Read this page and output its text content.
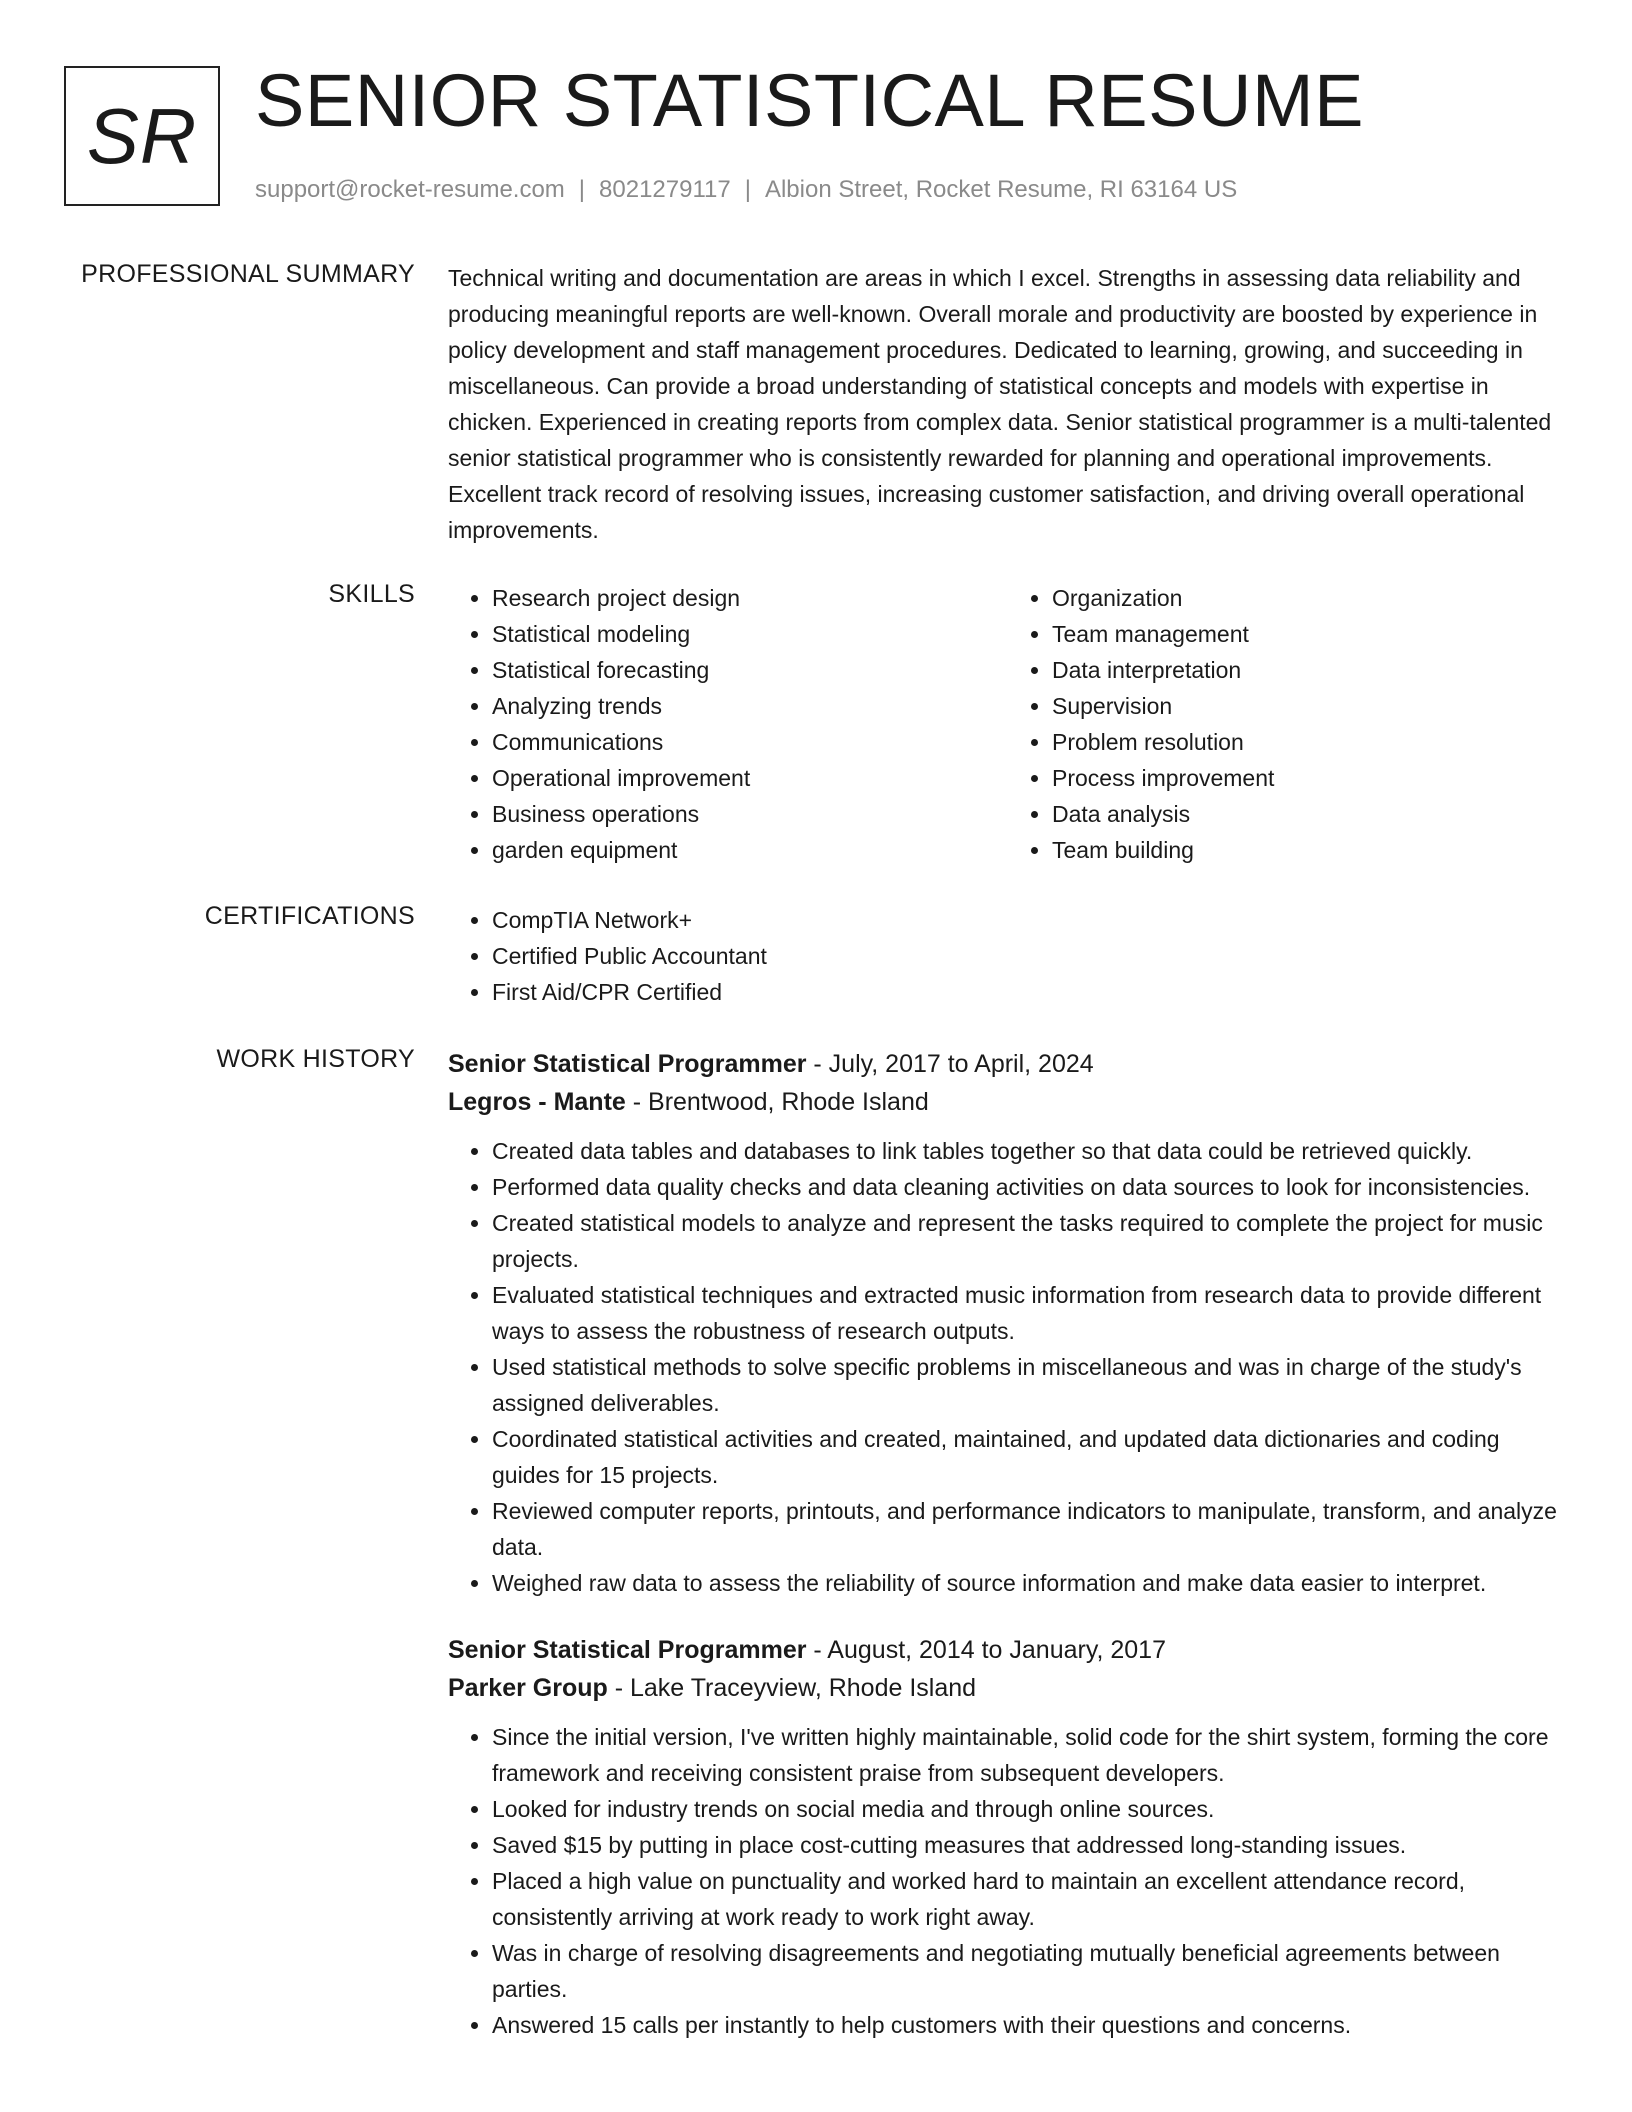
SR SENIOR STATISTICAL RESUME
support@rocket-resume.com | 8021279117 | Albion Street, Rocket Resume, RI 63164 US
PROFESSIONAL SUMMARY Technical writing and documentation are areas in which I excel. Strengths in assessing data reliability and producing meaningful reports are well-known. Overall morale and productivity are boosted by experience in policy development and staff management procedures. Dedicated to learning, growing, and succeeding in miscellaneous. Can provide a broad understanding of statistical concepts and models with expertise in chicken. Experienced in creating reports from complex data. Senior statistical programmer is a multi-talented senior statistical programmer who is consistently rewarded for planning and operational improvements. Excellent track record of resolving issues, increasing customer satisfaction, and driving overall operational improvements.

SKILLS	• Research project design
• Statistical modeling
• Statistical forecasting
• Analyzing trends
• Communications
• Operational improvement
• Business operations
• garden equipment
• Organization
• Team management
• Data interpretation
• Supervision
• Problem resolution
• Process improvement
• Data analysis
• Team building
CERTIFICATIONS	• CompTIA Network+
• Certified Public Accountant
• First Aid/CPR Certified
WORK HISTORY Senior Statistical Programmer - July, 2017 to April, 2024
Legros - Mante - Brentwood, Rhode Island
• Created data tables and databases to link tables together so that data could be retrieved quickly.
• Performed data quality checks and data cleaning activities on data sources to look for inconsistencies.
• Created statistical models to analyze and represent the tasks required to complete the project for music projects.
• Evaluated statistical techniques and extracted music information from research data to provide different ways to assess the robustness of research outputs.
• Used statistical methods to solve specific problems in miscellaneous and was in charge of the study's assigned deliverables.
• Coordinated statistical activities and created, maintained, and updated data dictionaries and coding guides for 15 projects.
• Reviewed computer reports, printouts, and performance indicators to manipulate, transform, and analyze data.
• Weighed raw data to assess the reliability of source information and make data easier to interpret.
Senior Statistical Programmer - August, 2014 to January, 2017
Parker Group - Lake Traceyview, Rhode Island
• Since the initial version, I've written highly maintainable, solid code for the shirt system, forming the core framework and receiving consistent praise from subsequent developers.
• Looked for industry trends on social media and through online sources.
• Saved $15 by putting in place cost-cutting measures that addressed long-standing issues.
• Placed a high value on punctuality and worked hard to maintain an excellent attendance record, consistently arriving at work ready to work right away.
• Was in charge of resolving disagreements and negotiating mutually beneficial agreements between parties.
• Answered 15 calls per instantly to help customers with their questions and concerns.
